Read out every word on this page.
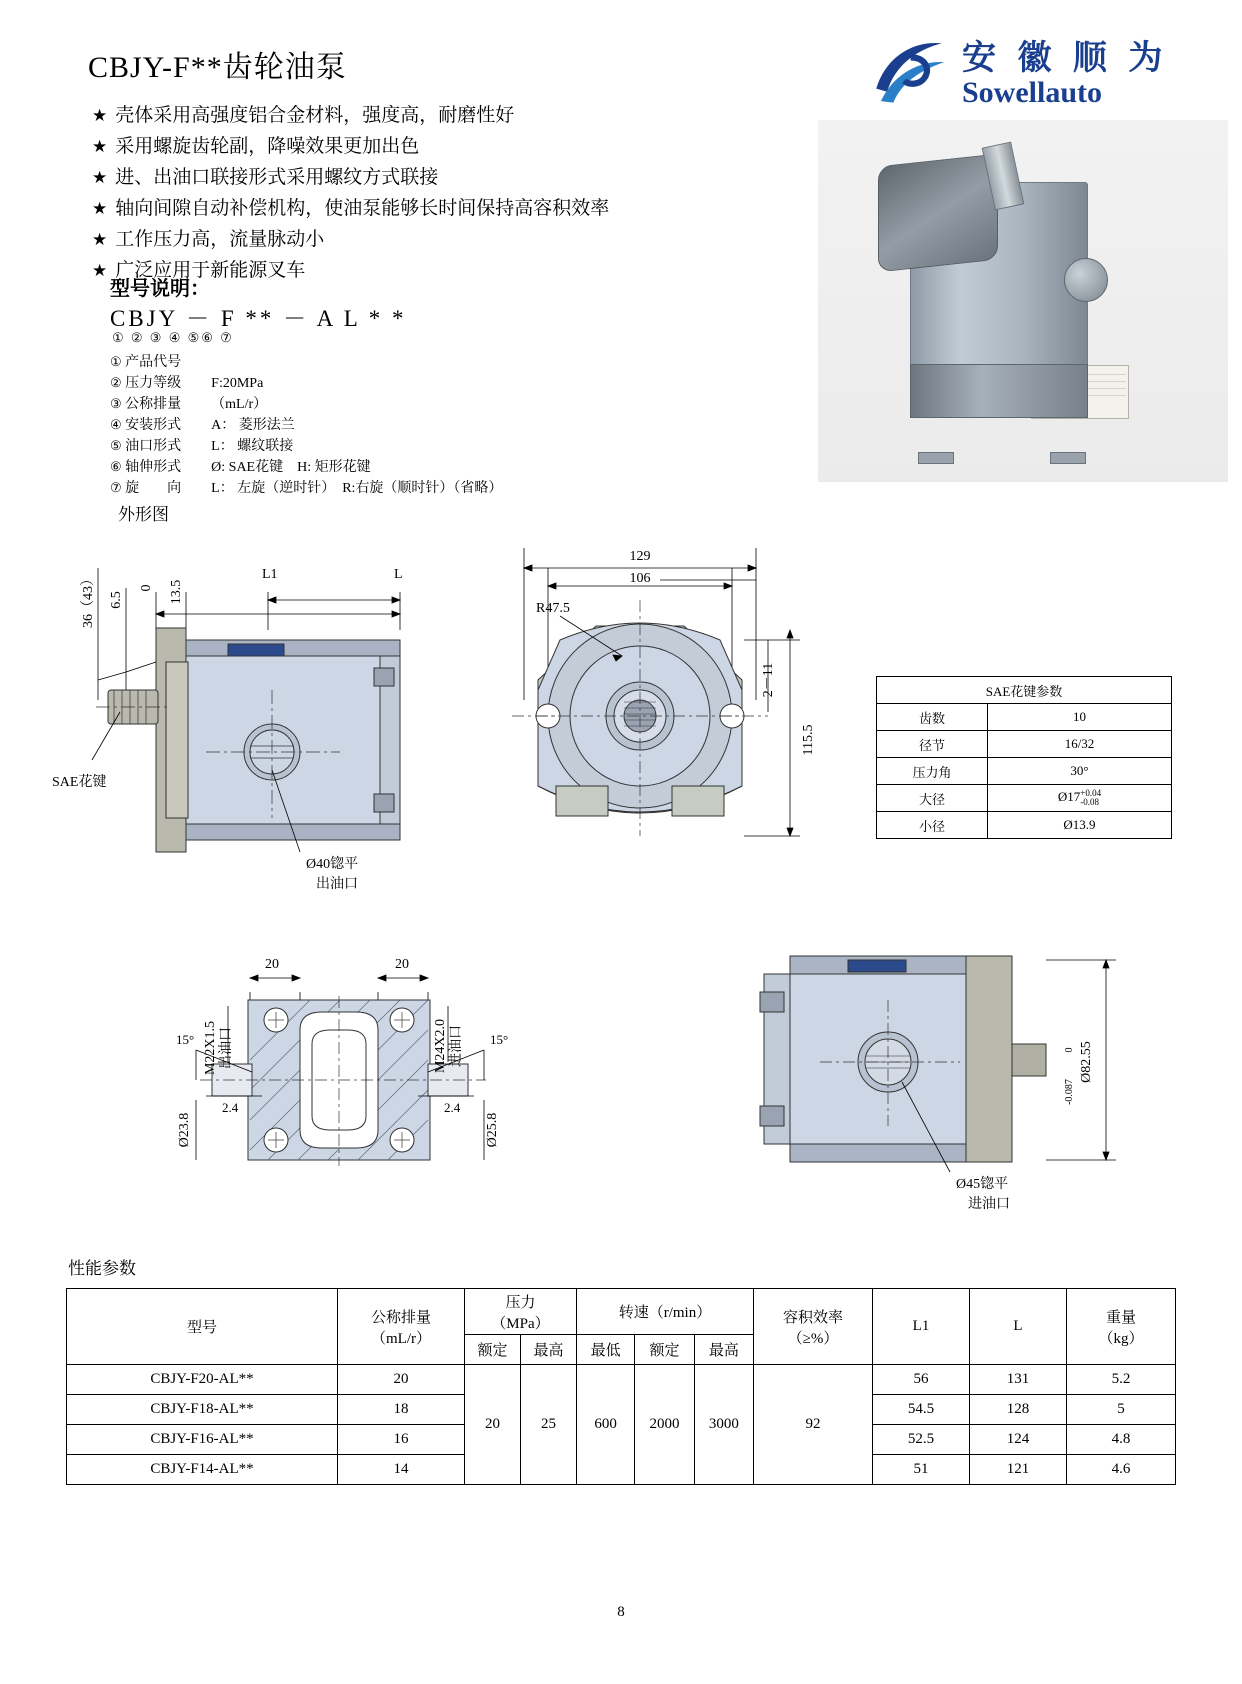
CBJY-F**齿轮油泵	安 徽 顺 为
Sowellauto
★ 壳体采用高强度铝合金材料，强度高，耐磨性好
★ 采用螺旋齿轮副，降噪效果更加出色
★ 进、出油口联接形式采用螺纹方式联接
★ 轴向间隙自动补偿机构，使油泵能够长时间保持高容积效率
★ 工作压力高，流量脉动小
★ 广泛应用于新能源叉车
型号说明：
CBJY － F ** － A L * *
① ② ③ ④ ⑤⑥ ⑦
① 产品代号
② 压力等级 F:20MPa
③ 公称排量 （mL/r）
④ 安装形式 A： 菱形法兰
⑤ 油口形式 L： 螺纹联接
⑥ 轴伸形式 Ø: SAE花键　H: 矩形花键
⑦ 旋　　向 L： 左旋（逆时针）　R:右旋（顺时针）（省略）
外形图
36（43） 6.5
0 13.5
L1	L
SAE花键
Ø40锪平
出油口
129
106
R47.5
2－11
115.5
20	20
M22X1.5 出油口	M24X2.0 进油口
15°	15°
2.4	2.4
Ø23.8	Ø25.8
Ø82.55
0
-0.087
Ø45锪平
进油口
SAE花键参数	
齿数	10
径节	16/32
压力角	30°
大径	Ø17 +0.04
-0.08

小径	Ø13.9
性能参数
型号	
公称排量
（mL/r）

压力
（MPa）
	转速（r/min）	容积效率
（≥%）
	L1	L	
重量
（kg）

		额定	最高	最低	额定	最高				
CBJY-F20-AL**	20	20	25	600	2000	3000	92	56	131	5.2
CBJY-F18-AL**	18							54.5	128	5
CBJY-F16-AL**	16							52.5	124	4.8
CBJY-F14-AL**	14							51	121	4.6
8
